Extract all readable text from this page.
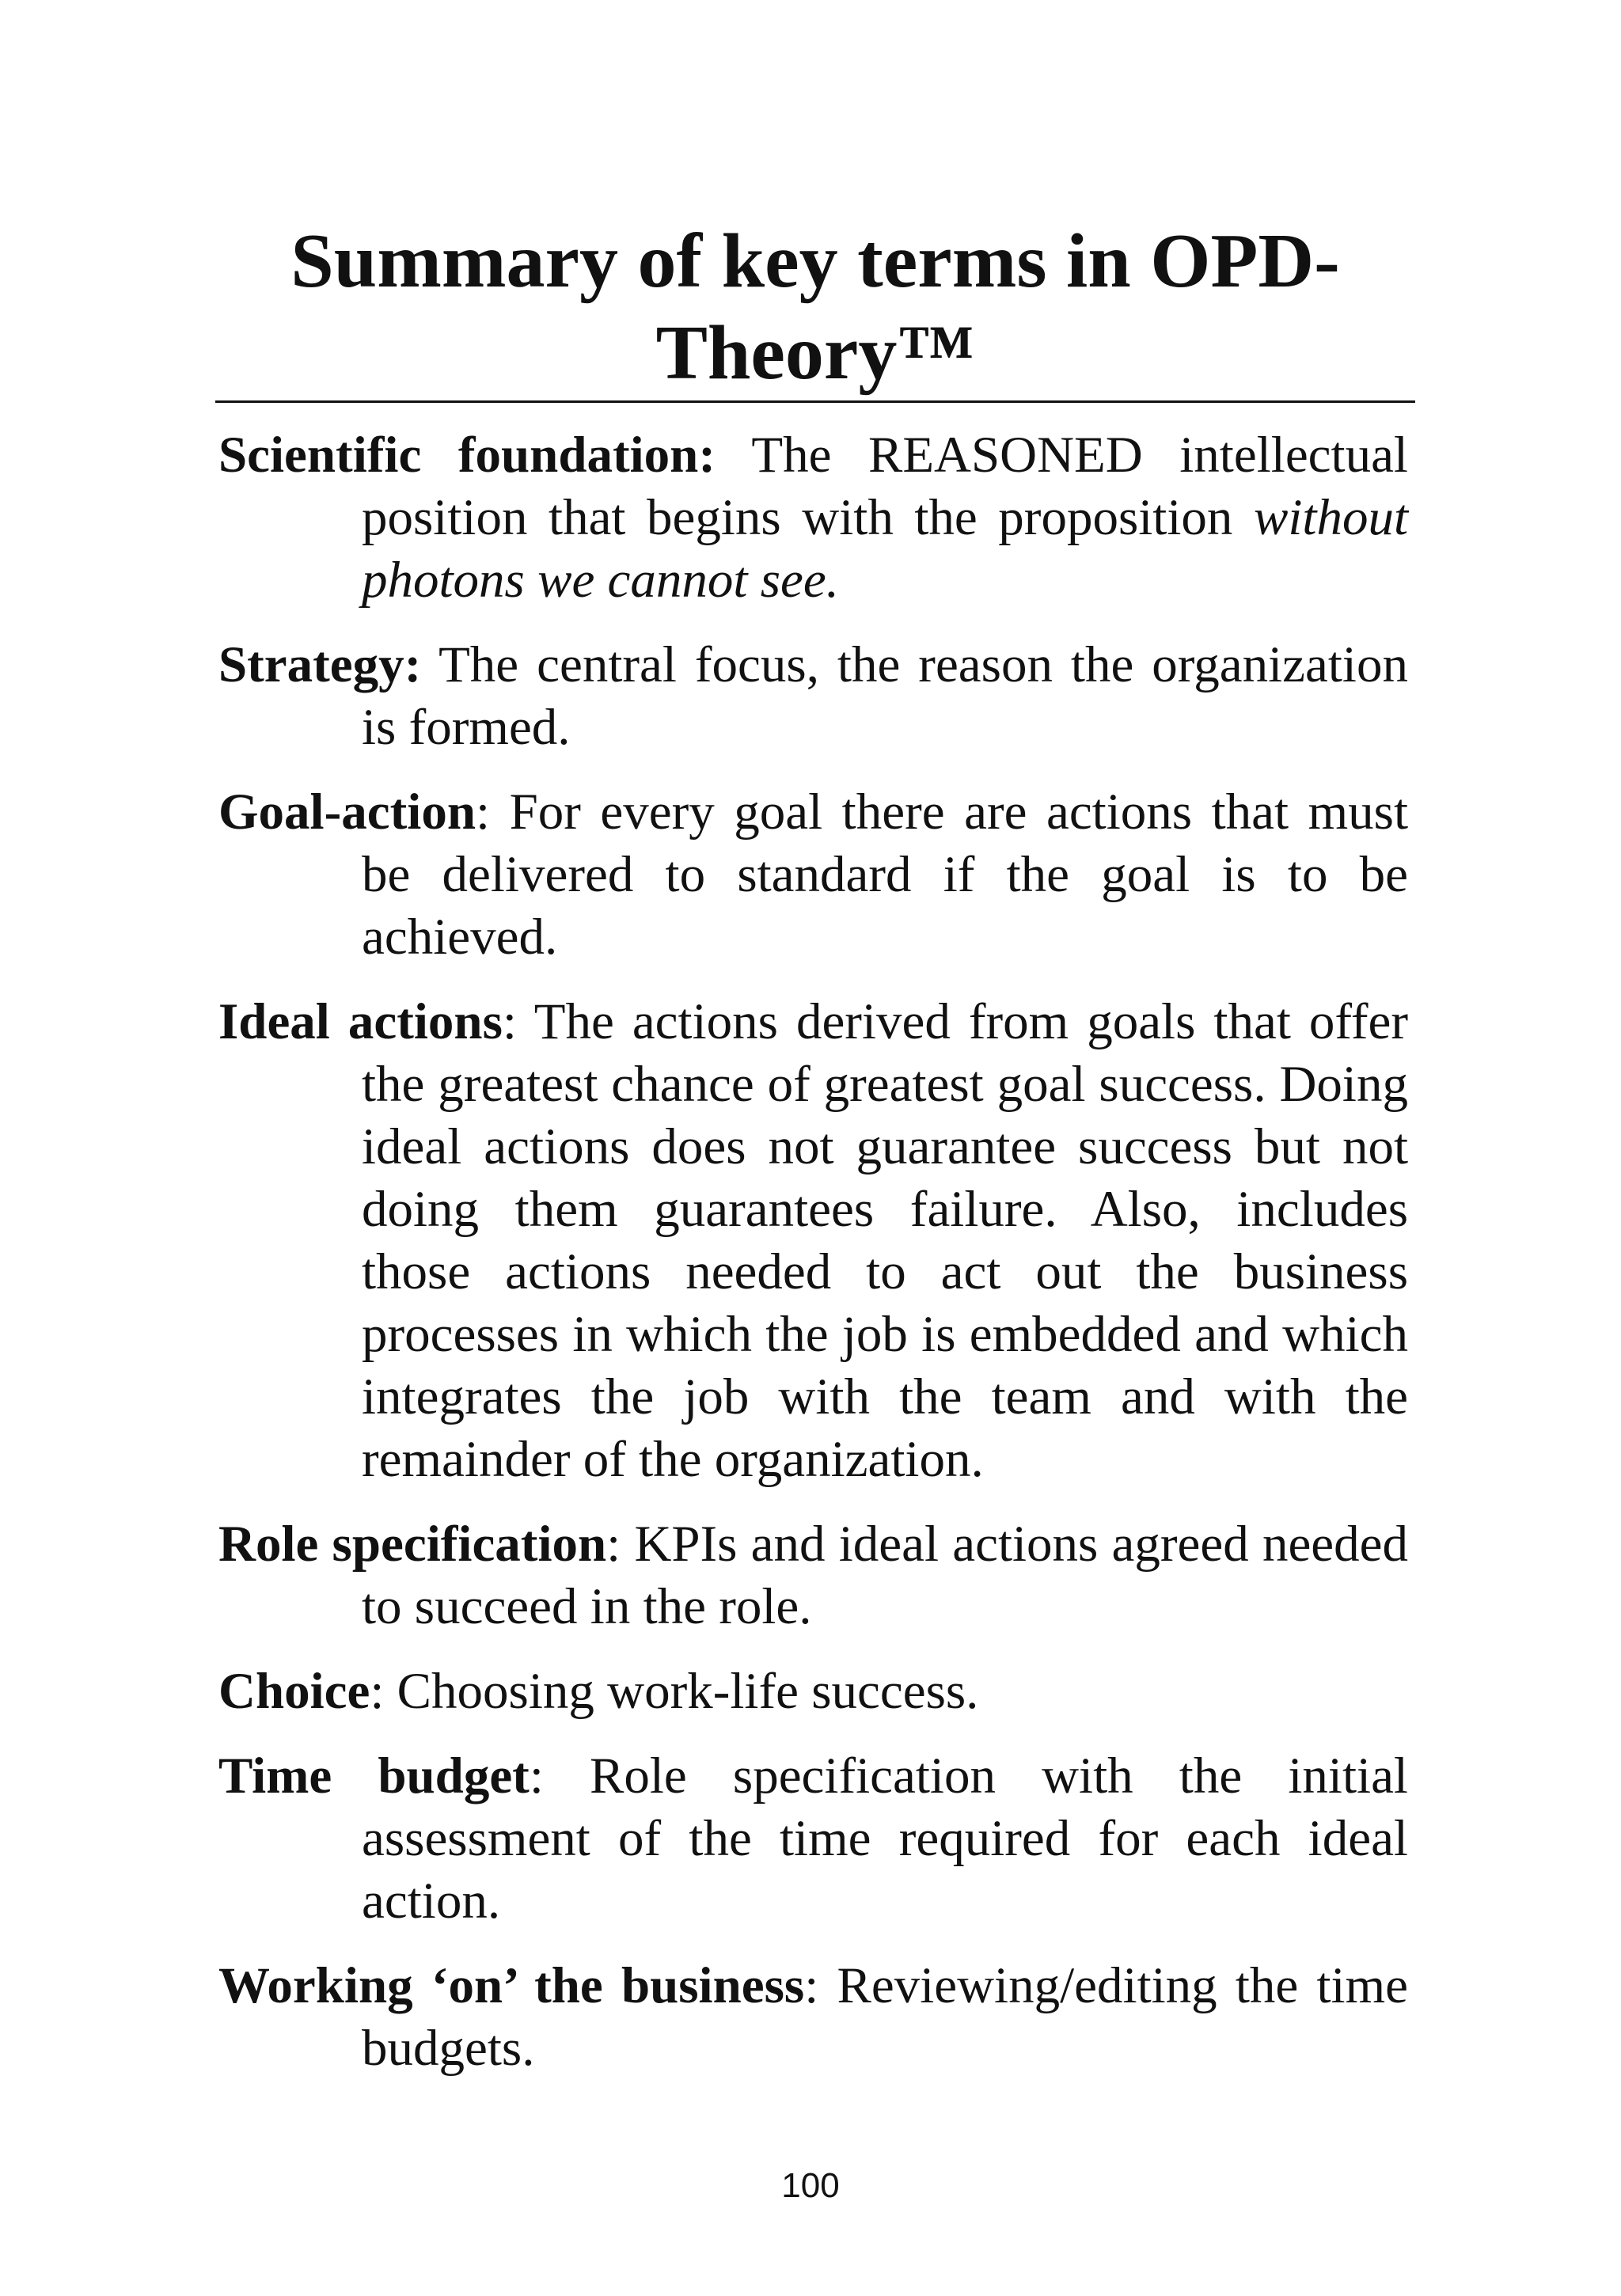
Summary of key terms in OPD-
Theory™

Scientific foundation: The REASONED intellectual position that begins with the proposition without photons we cannot see.

Strategy: The central focus, the reason the organization is formed.

Goal-action: For every goal there are actions that must be delivered to standard if the goal is to be achieved.

Ideal actions: The actions derived from goals that offer the greatest chance of greatest goal success. Doing ideal actions does not guarantee success but not doing them guarantees failure. Also, includes those actions needed to act out the business processes in which the job is embedded and which integrates the job with the team and with the remainder of the organization.

Role specification: KPIs and ideal actions agreed needed to succeed in the role.

Choice: Choosing work-life success.

Time budget: Role specification with the initial assessment of the time required for each ideal action.

Working ‘on’ the business: Reviewing/editing the time budgets.

100
